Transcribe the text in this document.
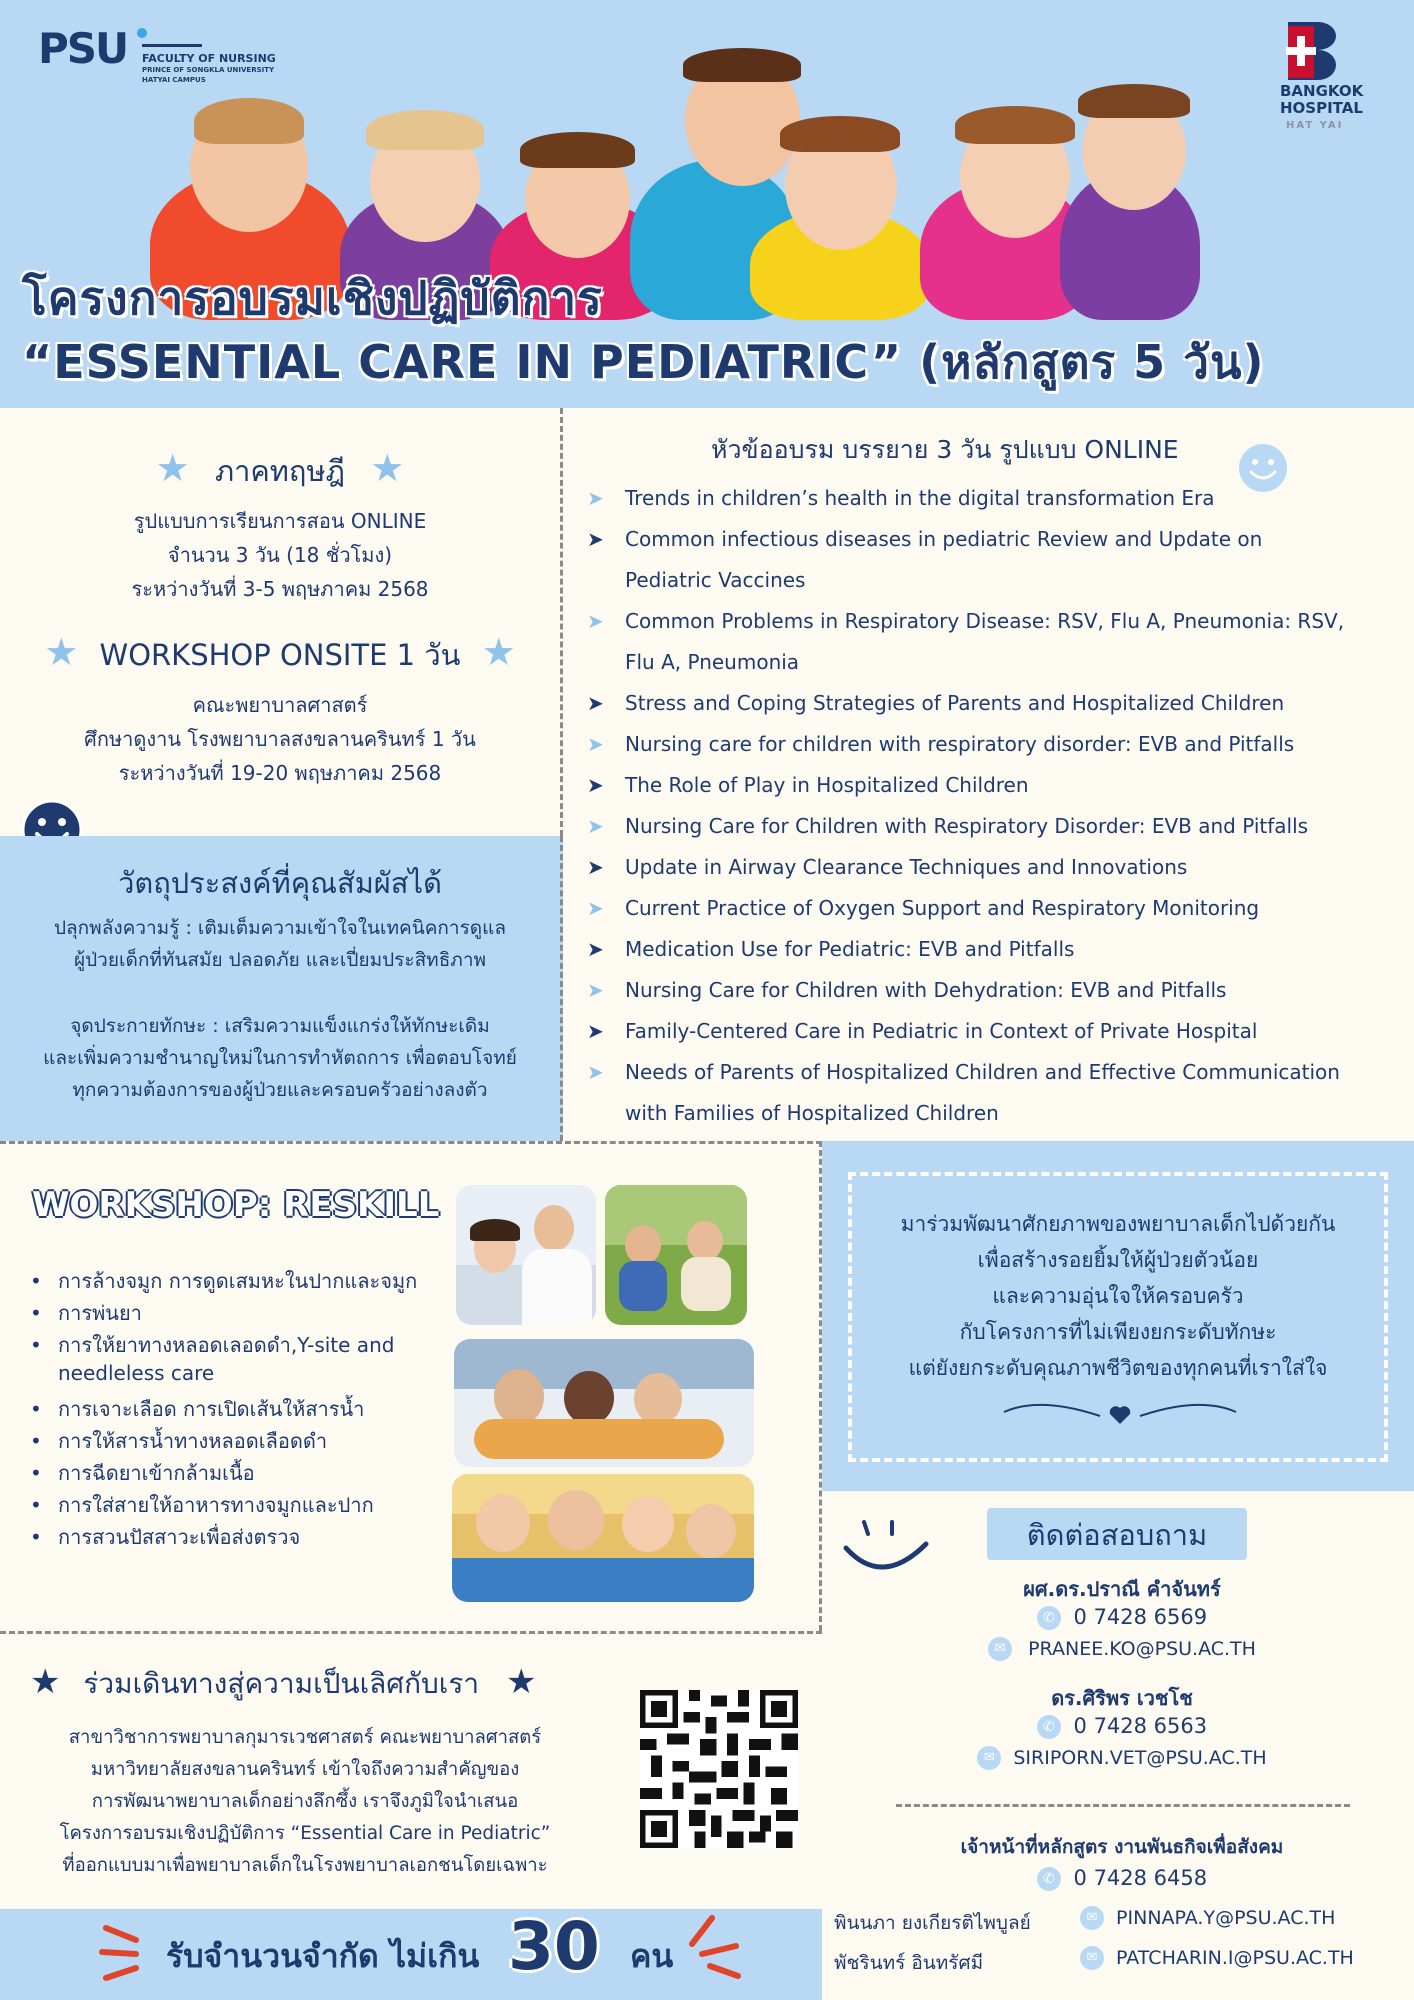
PSU FACULTY OF NURSING
PRINCE OF SONGKLA UNIVERSITY
HATYAI CAMPUS
BANGKOK
HOSPITAL
HAT YAI
โครงการอบรมเชิงปฏิบัติการ
“ESSENTIAL CARE IN PEDIATRIC” (หลักสูตร 5 วัน)
★ ภาคทฤษฎี ★
รูปแบบการเรียนการสอน ONLINE
จำนวน 3 วัน (18 ชั่วโมง)
ระหว่างวันที่ 3-5 พฤษภาคม 2568
★ WORKSHOP ONSITE 1 วัน ★
คณะพยาบาลศาสตร์
ศึกษาดูงาน โรงพยาบาลสงขลานครินทร์ 1 วัน
ระหว่างวันที่ 19-20 พฤษภาคม 2568
วัตถุประสงค์ที่คุณสัมผัสได้
ปลุกพลังความรู้ : เติมเต็มความเข้าใจในเทคนิคการดูแล
ผู้ป่วยเด็กที่ทันสมัย ปลอดภัย และเปี่ยมประสิทธิภาพ
จุดประกายทักษะ : เสริมความแข็งแกร่งให้ทักษะเดิม
และเพิ่มความชำนาญใหม่ในการทำหัตถการ เพื่อตอบโจทย์
ทุกความต้องการของผู้ป่วยและครอบครัวอย่างลงตัว
หัวข้ออบรม บรรยาย 3 วัน รูปแบบ ONLINE
➤ Trends in children’s health in the digital transformation Era
➤ Common infectious diseases in pediatric Review and Update on
Pediatric Vaccines
➤ Common Problems in Respiratory Disease: RSV, Flu A, Pneumonia: RSV,
Flu A, Pneumonia
➤ Stress and Coping Strategies of Parents and Hospitalized Children
➤ Nursing care for children with respiratory disorder: EVB and Pitfalls
➤ The Role of Play in Hospitalized Children
➤ Nursing Care for Children with Respiratory Disorder: EVB and Pitfalls
➤ Update in Airway Clearance Techniques and Innovations
➤ Current Practice of Oxygen Support and Respiratory Monitoring
➤ Medication Use for Pediatric: EVB and Pitfalls
➤ Nursing Care for Children with Dehydration: EVB and Pitfalls
➤ Family-Centered Care in Pediatric in Context of Private Hospital
➤ Needs of Parents of Hospitalized Children and Effective Communication
with Families of Hospitalized Children
WORKSHOP: RESKILL
• การล้างจมูก การดูดเสมหะในปากและจมูก
• การพ่นยา
• การให้ยาทางหลอดเลอดดำ,Y-site and
needleless care
• การเจาะเลือด การเปิดเส้นให้สารน้ำ
• การให้สารน้ำทางหลอดเลือดดำ
• การฉีดยาเข้ากล้ามเนื้อ
• การใส่สายให้อาหารทางจมูกและปาก
• การสวนปัสสาวะเพื่อส่งตรวจ
มาร่วมพัฒนาศักยภาพของพยาบาลเด็กไปด้วยกัน
เพื่อสร้างรอยยิ้มให้ผู้ป่วยตัวน้อย
และความอุ่นใจให้ครอบครัว
กับโครงการที่ไม่เพียงยกระดับทักษะ
แต่ยังยกระดับคุณภาพชีวิตของทุกคนที่เราใส่ใจ
ติดต่อสอบถาม
ผศ.ดร.ปราณี คำจันทร์
✆ 0 7428 6569
✉ PRANEE.KO@PSU.AC.TH
ดร.ศิริพร เวชโช
✆ 0 7428 6563
✉ SIRIPORN.VET@PSU.AC.TH
เจ้าหน้าที่หลักสูตร งานพันธกิจเพื่อสังคม
✆ 0 7428 6458
★ ร่วมเดินทางสู่ความเป็นเลิศกับเรา ★
สาขาวิชาการพยาบาลกุมารเวชศาสตร์ คณะพยาบาลศาสตร์
มหาวิทยาลัยสงขลานครินทร์ เข้าใจถึงความสำคัญของ
การพัฒนาพยาบาลเด็กอย่างลึกซึ้ง เราจึงภูมิใจนำเสนอ
โครงการอบรมเชิงปฏิบัติการ “Essential Care in Pediatric”
ที่ออกแบบมาเพื่อพยาบาลเด็กในโรงพยาบาลเอกชนโดยเฉพาะ
รับจำนวนจำกัด ไม่เกิน 30 คน
พินนภา ยงเกียรติไพบูลย์	✉ PINNAPA.Y@PSU.AC.TH
พัชรินทร์ อินทรัศมี	✉ PATCHARIN.I@PSU.AC.TH
